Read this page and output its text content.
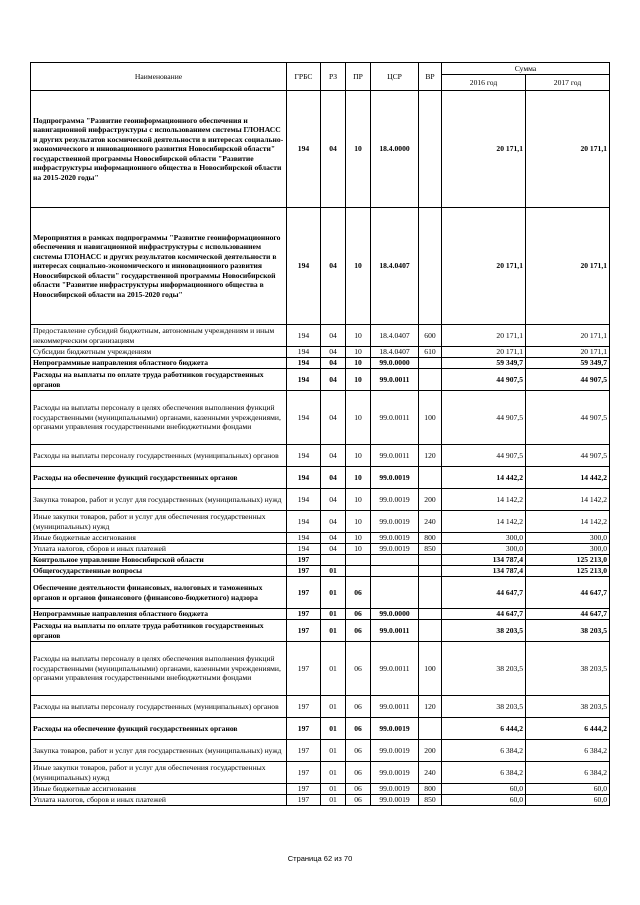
Наименование	ГРБС	РЗ	ПР	ЦСР	ВР	Сумма	
						2016 год	2017 год
Подпрограмма "Развитие геоинформационного обеспечения и навигационной инфраструктуры с использованием системы ГЛОНАСС и других результатов космической деятельности в интересах социально-экономического и инновационного развития Новосибирской области" государственной программы Новосибирской области "Развитие инфраструктуры информационного общества в Новосибирской области на 2015-2020 годы"	194	04	10	18.4.0000		20 171,1	20 171,1
Мероприятия в рамках подпрограммы "Развитие геоинформационного обеспечения и навигационной инфраструктуры с использованием системы ГЛОНАСС и других результатов космической деятельности в интересах социально-экономического и инновационного развития Новосибирской области" государственной программы Новосибирской области "Развитие инфраструктуры информационного общества в Новосибирской области на 2015-2020 годы"	194	04	10	18.4.0407		20 171,1	20 171,1
Предоставление субсидий бюджетным, автономным учреждениям и иным некоммерческим организациям	194	04	10	18.4.0407	600	20 171,1	20 171,1
Субсидии бюджетным учреждениям	194	04	10	18.4.0407	610	20 171,1	20 171,1
Непрограммные направления областного бюджета	194	04	10	99.0.0000		59 349,7	59 349,7
Расходы на выплаты по оплате труда работников государственных органов	194	04	10	99.0.0011		44 907,5	44 907,5
Расходы на выплаты персоналу в целях обеспечения выполнения функций государственными (муниципальными) органами, казенными учреждениями, органами управления государственными внебюджетными фондами	194	04	10	99.0.0011	100	44 907,5	44 907,5
Расходы на выплаты персоналу государственных (муниципальных) органов	194	04	10	99.0.0011	120	44 907,5	44 907,5
Расходы на обеспечение функций государственных органов	194	04	10	99.0.0019		14 442,2	14 442,2
Закупка товаров, работ и услуг для государственных (муниципальных) нужд	194	04	10	99.0.0019	200	14 142,2	14 142,2
Иные закупки товаров, работ и услуг для обеспечения государственных (муниципальных) нужд	194	04	10	99.0.0019	240	14 142,2	14 142,2
Иные бюджетные ассигнования	194	04	10	99.0.0019	800	300,0	300,0
Уплата налогов, сборов и иных платежей	194	04	10	99.0.0019	850	300,0	300,0
Контрольное управление Новосибирской области	197					134 787,4	125 213,0
Общегосударственные вопросы	197	01				134 787,4	125 213,0
Обеспечение деятельности финансовых, налоговых и таможенных органов и органов финансового (финансово-бюджетного) надзора	197	01	06			44 647,7	44 647,7
Непрограммные направления областного бюджета	197	01	06	99.0.0000		44 647,7	44 647,7
Расходы на выплаты по оплате труда работников государственных органов	197	01	06	99.0.0011		38 203,5	38 203,5
Расходы на выплаты персоналу в целях обеспечения выполнения функций государственными (муниципальными) органами, казенными учреждениями, органами управления государственными внебюджетными фондами	197	01	06	99.0.0011	100	38 203,5	38 203,5
Расходы на выплаты персоналу государственных (муниципальных) органов	197	01	06	99.0.0011	120	38 203,5	38 203,5
Расходы на обеспечение функций государственных органов	197	01	06	99.0.0019		6 444,2	6 444,2
Закупка товаров, работ и услуг для государственных (муниципальных) нужд	197	01	06	99.0.0019	200	6 384,2	6 384,2
Иные закупки товаров, работ и услуг для обеспечения государственных (муниципальных) нужд	197	01	06	99.0.0019	240	6 384,2	6 384,2
Иные бюджетные ассигнования	197	01	06	99.0.0019	800	60,0	60,0
Уплата налогов, сборов и иных платежей	197	01	06	99.0.0019	850	60,0	60,0
Страница 62 из 70
